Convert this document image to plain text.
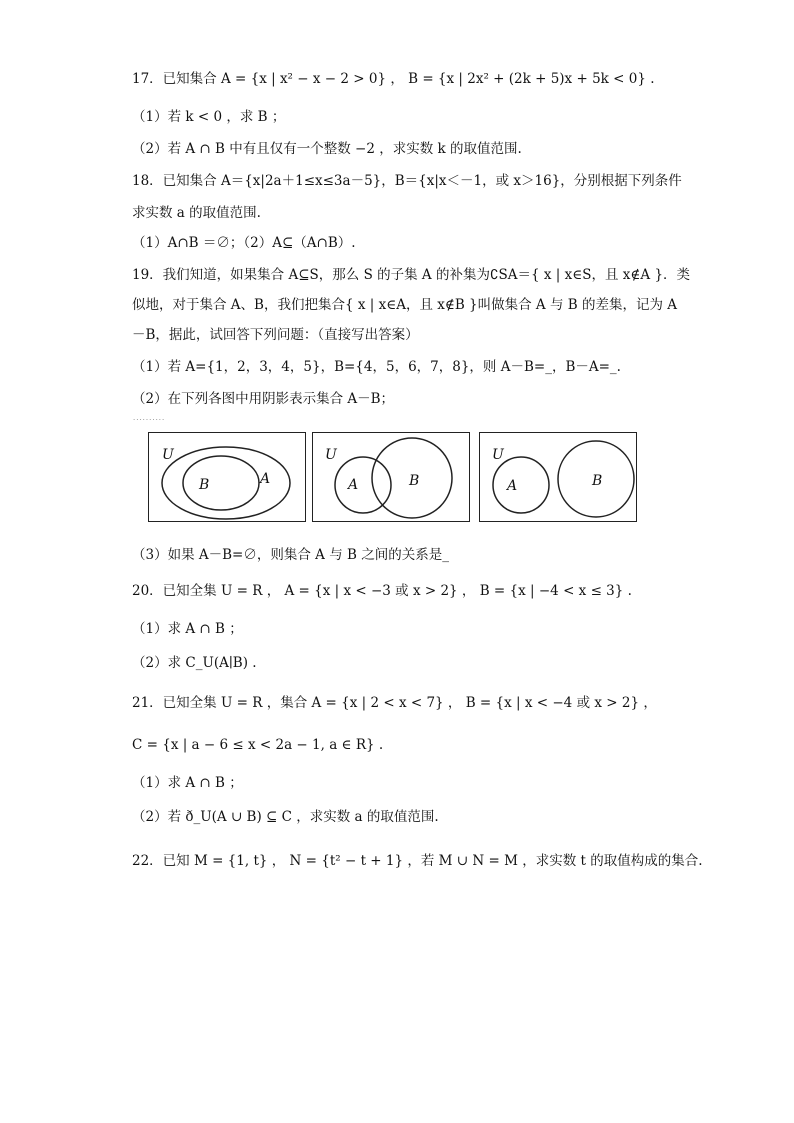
17．已知集合 A = {x | x² − x − 2 > 0} ， B = {x | 2x² + (2k + 5)x + 5k < 0} .
（1）若 k < 0 ，求 B ；
（2）若 A ∩ B 中有且仅有一个整数 −2 ，求实数 k 的取值范围.
18．已知集合 A＝{x|2a＋1≤x≤3a－5}，B＝{x|x＜－1，或 x＞16}，分别根据下列条件
求实数 a 的取值范围.
（1）A∩B ＝∅；（2）A⊆（A∩B）.
19．我们知道，如果集合 A⊆S，那么 S 的子集 A 的补集为∁SA＝{ x | x∈S，且 x∉A }．类
似地，对于集合 A、B，我们把集合{ x | x∈A，且 x∉B }叫做集合 A 与 B 的差集，记为 A
－B，据此，试回答下列问题：（直接写出答案）
（1）若 A={1，2，3，4，5}，B={4，5，6，7，8}，则 A－B=_，B－A=_.
（2）在下列各图中用阴影表示集合 A－B；
··········
U
B	A
U
A	B
U
A	B
（3）如果 A－B=∅，则集合 A 与 B 之间的关系是_
20．已知全集 U = R ， A = {x | x < −3 或 x > 2} ， B = {x | −4 < x ≤ 3} .
（1）求 A ∩ B ；
（2）求 C_U(A∣B) .
21．已知全集 U = R ，集合 A = {x | 2 < x < 7} ， B = {x | x < −4 或 x > 2} ，
C = {x | a − 6 ≤ x < 2a − 1, a ∈ R} .
（1）求 A ∩ B ；
（2）若 ð_U(A ∪ B) ⊆ C ，求实数 a 的取值范围.
22．已知 M = {1, t} ， N = {t² − t + 1} ，若 M ∪ N = M ，求实数 t 的取值构成的集合.
